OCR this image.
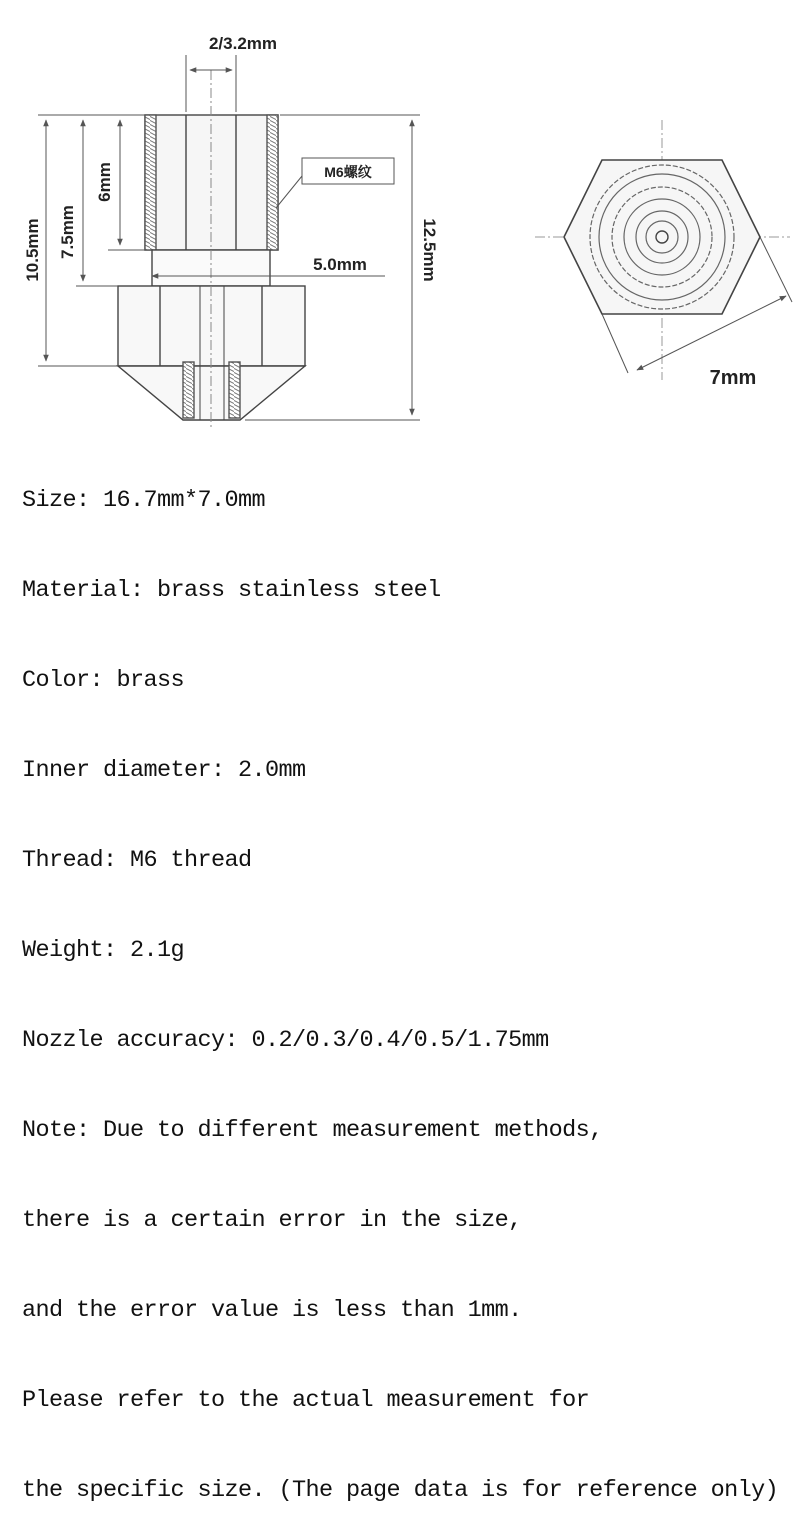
2/3.2mm
6mm
7.5mm
10.5mm
M6螺纹
5.0mm	12.5mm
7mm

Size: 16.7mm*7.0mm

Material: brass stainless steel

Color: brass

Inner diameter: 2.0mm

Thread: M6 thread

Weight: 2.1g

Nozzle accuracy: 0.2/0.3/0.4/0.5/1.75mm

Note: Due to different measurement methods,

there is a certain error in the size,

and the error value is less than 1mm.

Please refer to the actual measurement for

the specific size. (The page data is for reference only)
